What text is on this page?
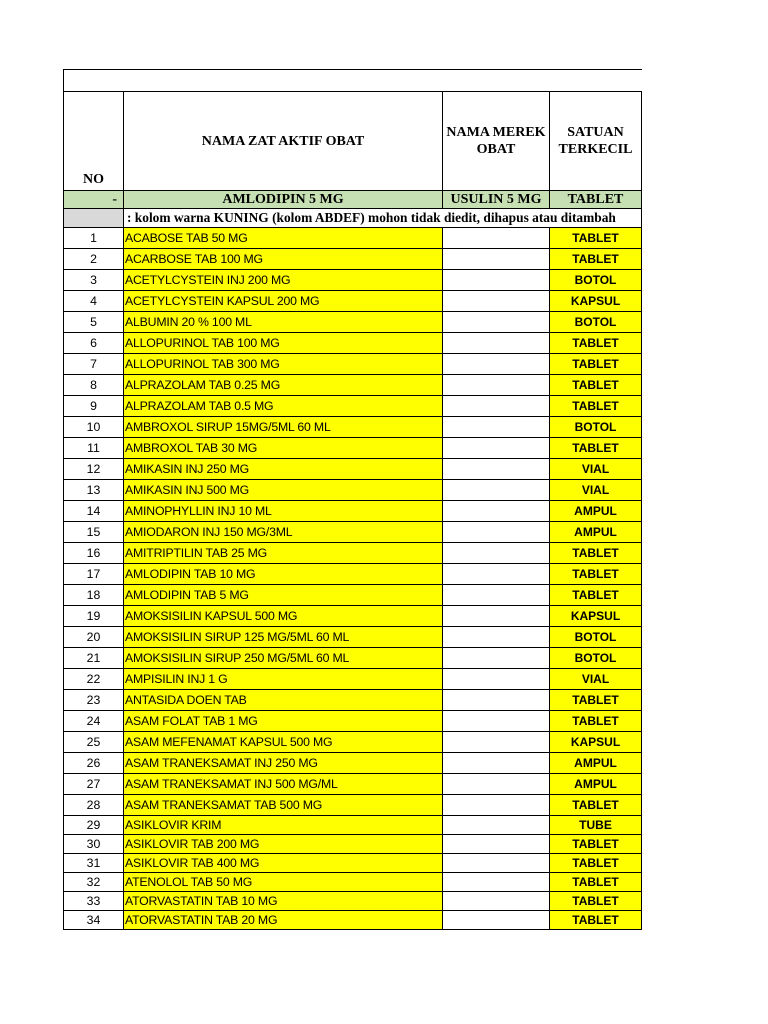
NO	NAMA ZAT AKTIF OBAT	NAMA MEREK OBAT	SATUAN TERKECIL
-	AMLODIPIN 5 MG	USULIN 5 MG	TABLET
	: kolom warna KUNING (kolom ABDEF) mohon tidak diedit, dihapus atau ditambah		
1	ACABOSE TAB 50 MG		TABLET
2	ACARBOSE TAB 100 MG		TABLET
3	ACETYLCYSTEIN INJ 200 MG		BOTOL
4	ACETYLCYSTEIN KAPSUL 200 MG		KAPSUL
5	ALBUMIN 20 % 100 ML		BOTOL
6	ALLOPURINOL TAB 100 MG		TABLET
7	ALLOPURINOL TAB 300 MG		TABLET
8	ALPRAZOLAM TAB 0.25 MG		TABLET
9	ALPRAZOLAM TAB 0.5 MG		TABLET
10	AMBROXOL SIRUP 15MG/5ML 60 ML		BOTOL
11	AMBROXOL TAB 30 MG		TABLET
12	AMIKASIN INJ 250 MG		VIAL
13	AMIKASIN INJ 500 MG		VIAL
14	AMINOPHYLLIN INJ 10 ML		AMPUL
15	AMIODARON INJ 150 MG/3ML		AMPUL
16	AMITRIPTILIN TAB 25 MG		TABLET
17	AMLODIPIN TAB 10 MG		TABLET
18	AMLODIPIN TAB 5 MG		TABLET
19	AMOKSISILIN KAPSUL 500 MG		KAPSUL
20	AMOKSISILIN SIRUP 125 MG/5ML 60 ML		BOTOL
21	AMOKSISILIN SIRUP 250 MG/5ML 60 ML		BOTOL
22	AMPISILIN INJ 1 G		VIAL
23	ANTASIDA DOEN TAB		TABLET
24	ASAM FOLAT TAB 1 MG		TABLET
25	ASAM MEFENAMAT KAPSUL 500 MG		KAPSUL
26	ASAM TRANEKSAMAT INJ 250 MG		AMPUL
27	ASAM TRANEKSAMAT INJ 500 MG/ML		AMPUL
28	ASAM TRANEKSAMAT TAB 500 MG		TABLET
29	ASIKLOVIR KRIM		TUBE
30	ASIKLOVIR TAB 200 MG		TABLET
31	ASIKLOVIR TAB 400 MG		TABLET
32	ATENOLOL TAB 50 MG		TABLET
33	ATORVASTATIN TAB 10 MG		TABLET
34	ATORVASTATIN TAB 20 MG		TABLET
